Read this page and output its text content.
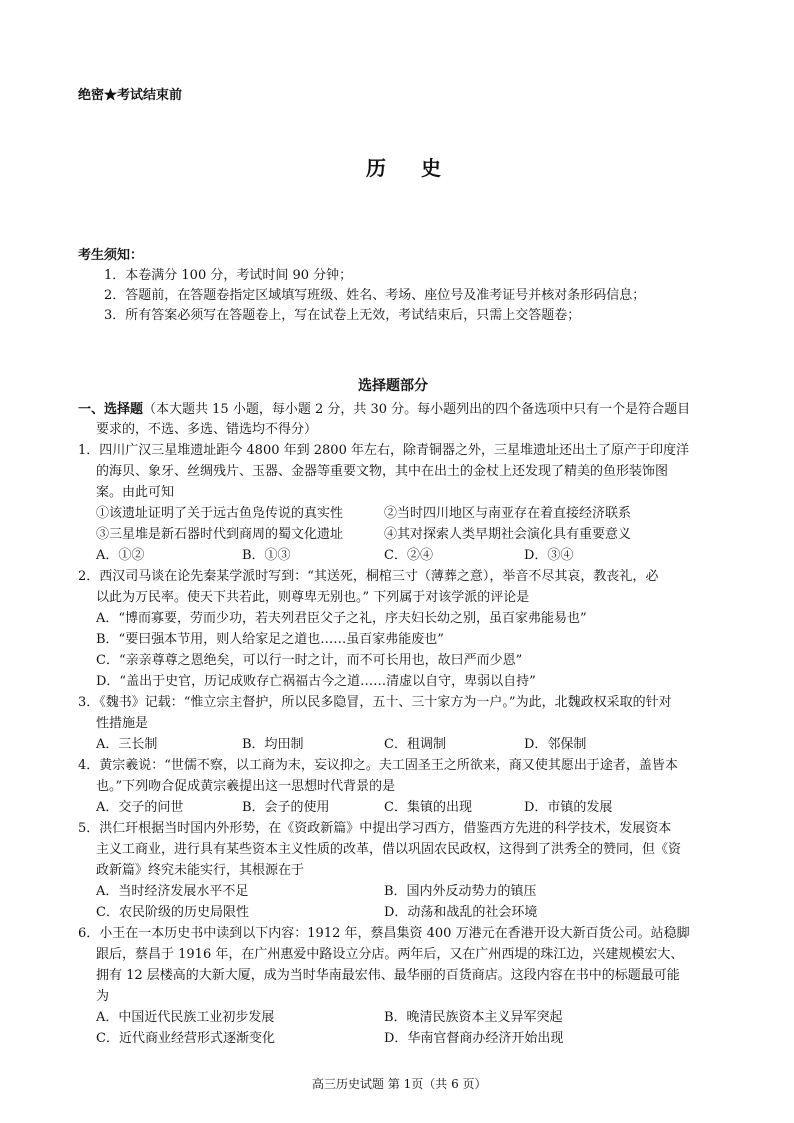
绝密★考试结束前
历 史
考生须知：
1．本卷满分 100 分，考试时间 90 分钟；
2．答题前，在答题卷指定区域填写班级、姓名、考场、座位号及准考证号并核对条形码信息；
3．所有答案必须写在答题卷上，写在试卷上无效，考试结束后，只需上交答题卷；
选择题部分
一、选择题（本大题共 15 小题，每小题 2 分，共 30 分。每小题列出的四个备选项中只有一个是符合题目
要求的，不选、多选、错选均不得分）
1．四川广汉三星堆遗址距今 4800 年到 2800 年左右，除青铜器之外，三星堆遗址还出土了原产于印度洋
的海贝、象牙、丝绸残片、玉器、金器等重要文物，其中在出土的金杖上还发现了精美的鱼形装饰图
案。由此可知
①该遗址证明了关于远古鱼凫传说的真实性	②当时四川地区与南亚存在着直接经济联系
③三星堆是新石器时代到商周的蜀文化遗址	④其对探索人类早期社会演化具有重要意义
A．①②	B．①③	C．②④	D．③④
2．西汉司马谈在论先秦某学派时写到：“其送死，桐棺三寸（薄葬之意），举音不尽其哀，教丧礼，必
以此为万民率。使天下共若此，则尊卑无别也。” 下列属于对该学派的评论是
A．“博而寡要，劳而少功，若夫列君臣父子之礼，序夫妇长幼之别，虽百家弗能易也”
B．“要曰强本节用，则人给家足之道也……虽百家弗能废也”
C．“亲亲尊尊之恩绝矣，可以行一时之计，而不可长用也，故曰严而少恩”
D．“盖出于史官，历记成败存亡祸福古今之道……清虚以自守，卑弱以自持”
3．《魏书》记载：“惟立宗主督护，所以民多隐冒，五十、三十家方为一户。”为此，北魏政权采取的针对
性措施是
A．三长制	B．均田制	C．租调制	D．邻保制
4．黄宗羲说：“世儒不察，以工商为末，妄议抑之。夫工固圣王之所欲来，商又使其愿出于途者，盖皆本
也。”下列吻合促成黄宗羲提出这一思想时代背景的是
A．交子的问世	B．会子的使用	C．集镇的出现	D．市镇的发展
5．洪仁玕根据当时国内外形势，在《资政新篇》中提出学习西方，借鉴西方先进的科学技术，发展资本
主义工商业，进行具有某些资本主义性质的改革，借以巩固农民政权，这得到了洪秀全的赞同，但《资
政新篇》终究未能实行，其根源在于
A．当时经济发展水平不足	B．国内外反动势力的镇压
C．农民阶级的历史局限性	D．动荡和战乱的社会环境
6．小王在一本历史书中读到以下内容：1912 年，蔡昌集资 400 万港元在香港开设大新百货公司。站稳脚
跟后，蔡昌于 1916 年，在广州惠爱中路设立分店。两年后，又在广州西堤的珠江边，兴建规模宏大、
拥有 12 层楼高的大新大厦，成为当时华南最宏伟、最华丽的百货商店。这段内容在书中的标题最可能
为
A．中国近代民族工业初步发展	B．晚清民族资本主义异军突起
C．近代商业经营形式逐渐变化	D．华南官督商办经济开始出现
高三历史试题 第 1页（共 6 页）
